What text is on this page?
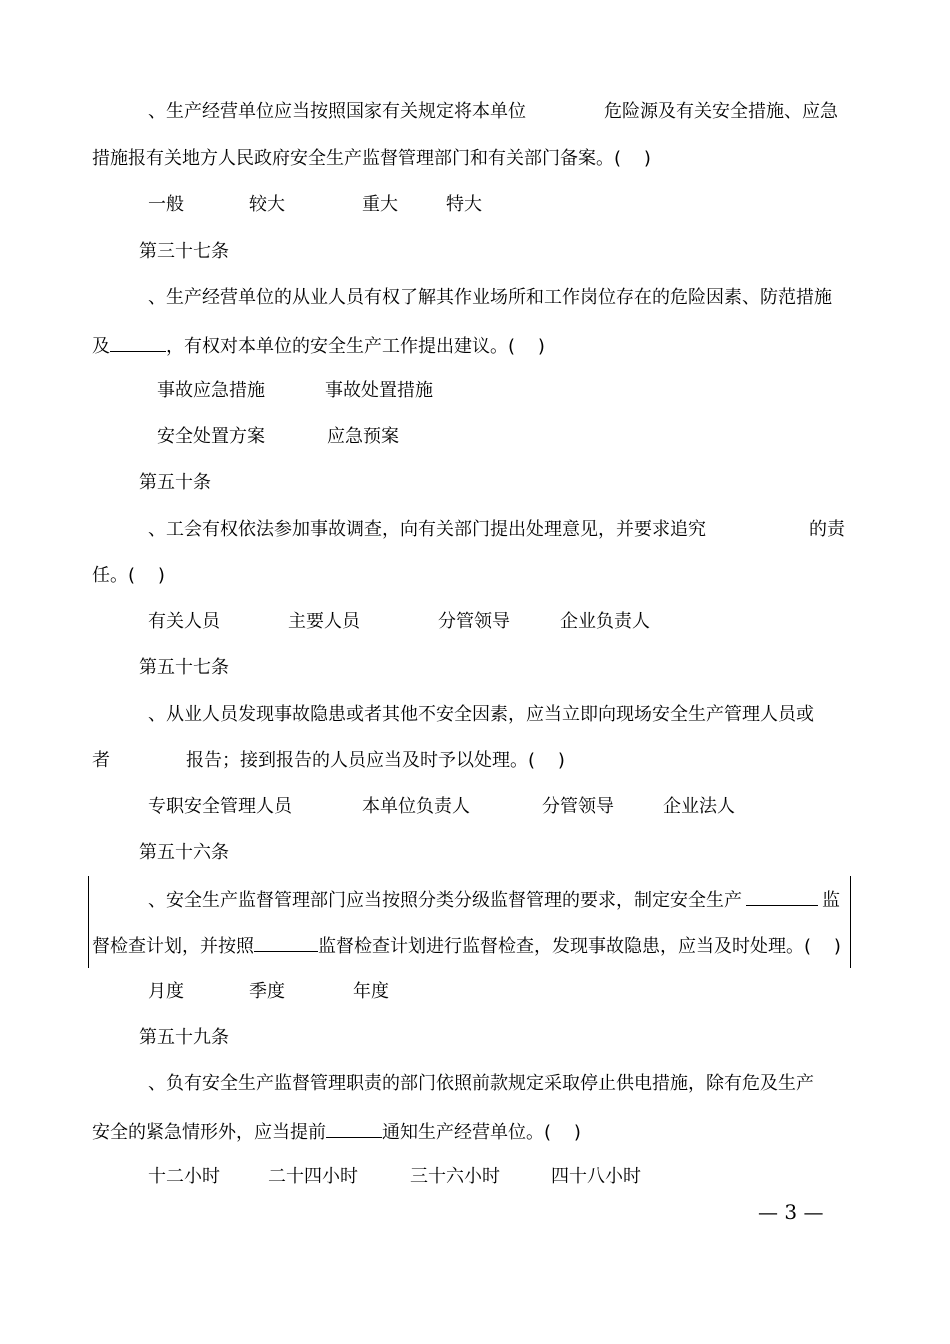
、生产经营单位应当按照国家有关规定将本单位	危险源及有关安全措施、应急
措施报有关地方人民政府安全生产监督管理部门和有关部门备案。(    )
一般	较大	重大	特大
第三十七条
、生产经营单位的从业人员有权了解其作业场所和工作岗位存在的危险因素、防范措施
及	，有权对本单位的安全生产工作提出建议。(    )
事故应急措施	事故处置措施
安全处置方案	应急预案
第五十条
、工会有权依法参加事故调查，向有关部门提出处理意见，并要求追究	的责
任。(    )
有关人员	主要人员	分管领导	企业负责人
第五十七条
、从业人员发现事故隐患或者其他不安全因素，应当立即向现场安全生产管理人员或
者	报告；接到报告的人员应当及时予以处理。(    )
专职安全管理人员	本单位负责人	分管领导	企业法人
第五十六条
、安全生产监督管理部门应当按照分类分级监督管理的要求，制定安全生产	监
督检查计划，并按照	监督检查计划进行监督检查，发现事故隐患，应当及时处理。(    )
月度	季度	年度
第五十九条
、负有安全生产监督管理职责的部门依照前款规定采取停止供电措施，除有危及生产
安全的紧急情形外，应当提前	通知生产经营单位。(    )
十二小时	二十四小时	三十六小时	四十八小时
— 3 —
